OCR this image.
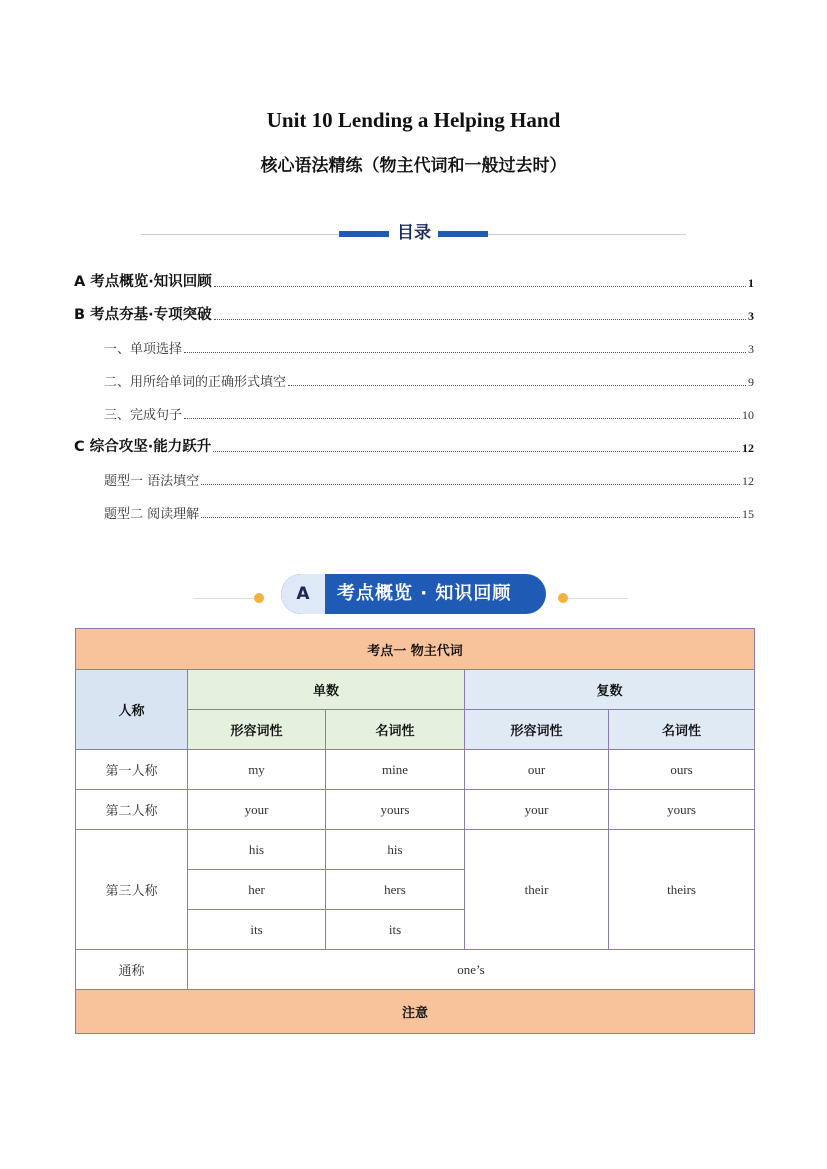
Unit 10 Lending a Helping Hand
核心语法精练（物主代词和一般过去时）
目录
A 考点概览·知识回顾	1
B 考点夯基·专项突破	3
一、单项选择	3
二、用所给单词的正确形式填空	9
三、完成句子	10
C 综合攻坚·能力跃升	12
题型一 语法填空	12
题型二 阅读理解	15
A	考点概览 · 知识回顾
考点一 物主代词				
人称	单数		复数	
	形容词性	名词性	形容词性	名词性
第一人称	my	mine	our	ours
第二人称	your	yours	your	yours
第三人称	his	his	their	theirs
	her	hers		
	its	its		
通称	one’s			
注意				
